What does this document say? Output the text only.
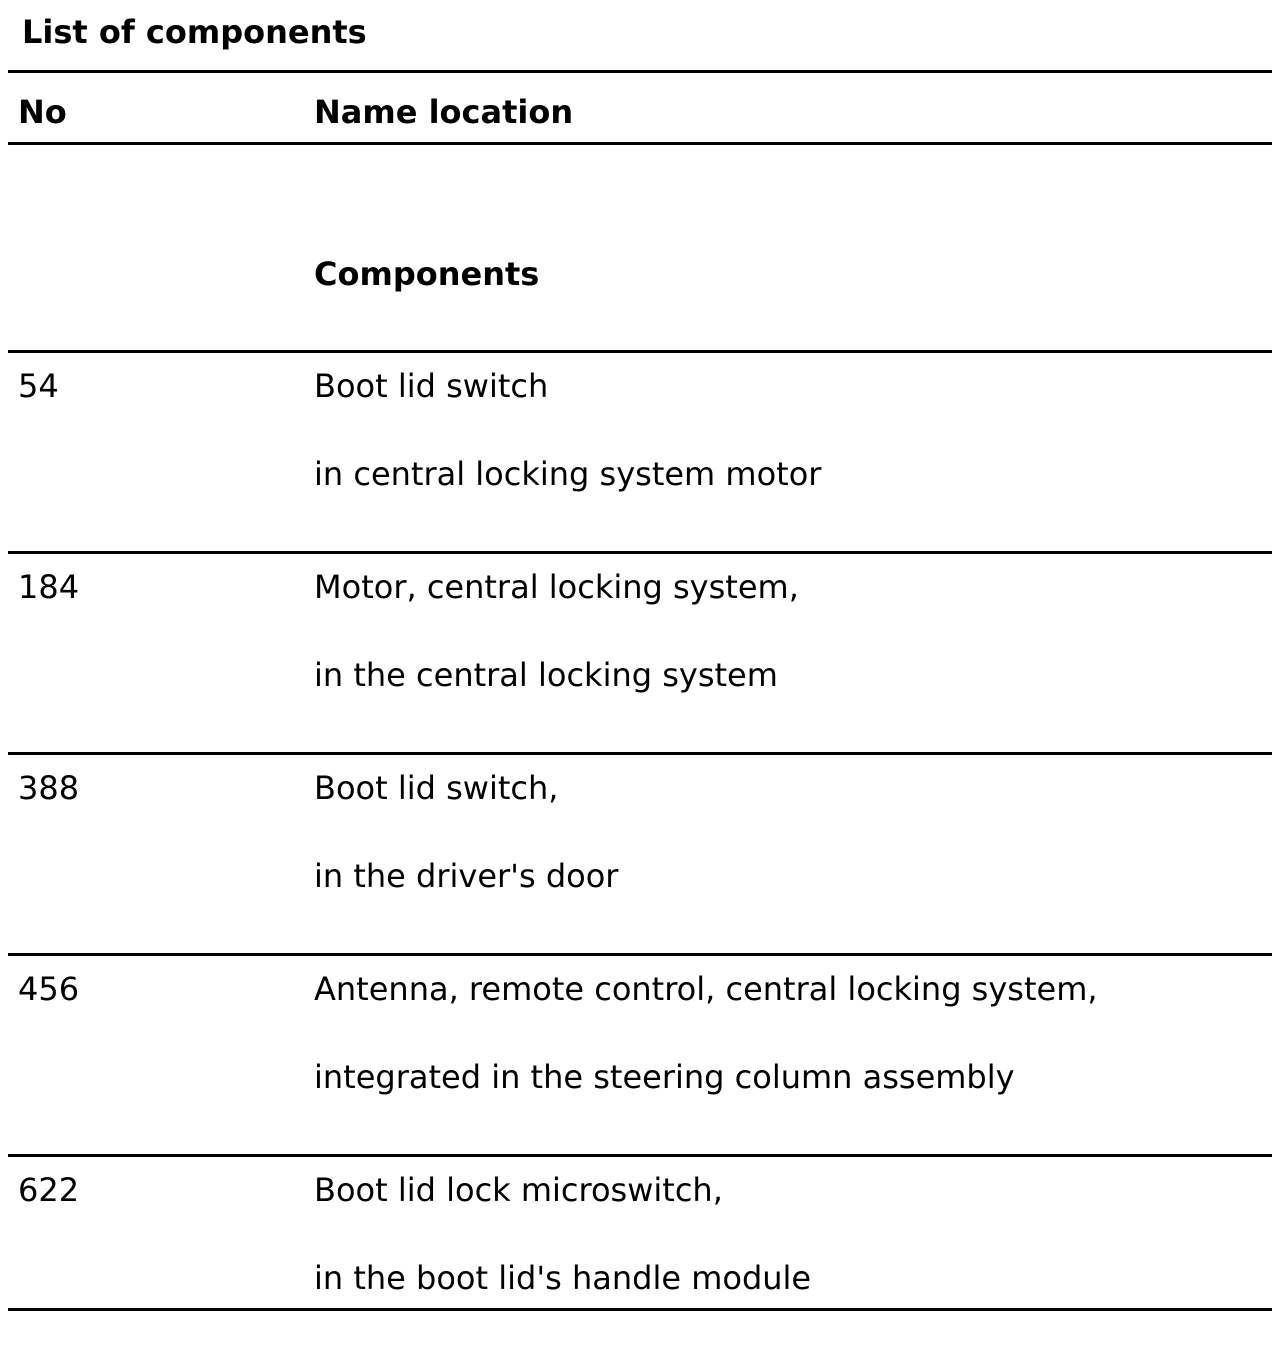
List of components
No	Name location
Components
54	Boot lid switch
in central locking system motor
184	Motor, central locking system,
in the central locking system
388	Boot lid switch,
in the driver's door
456	Antenna, remote control, central locking system,
integrated in the steering column assembly
622	Boot lid lock microswitch,
in the boot lid's handle module
